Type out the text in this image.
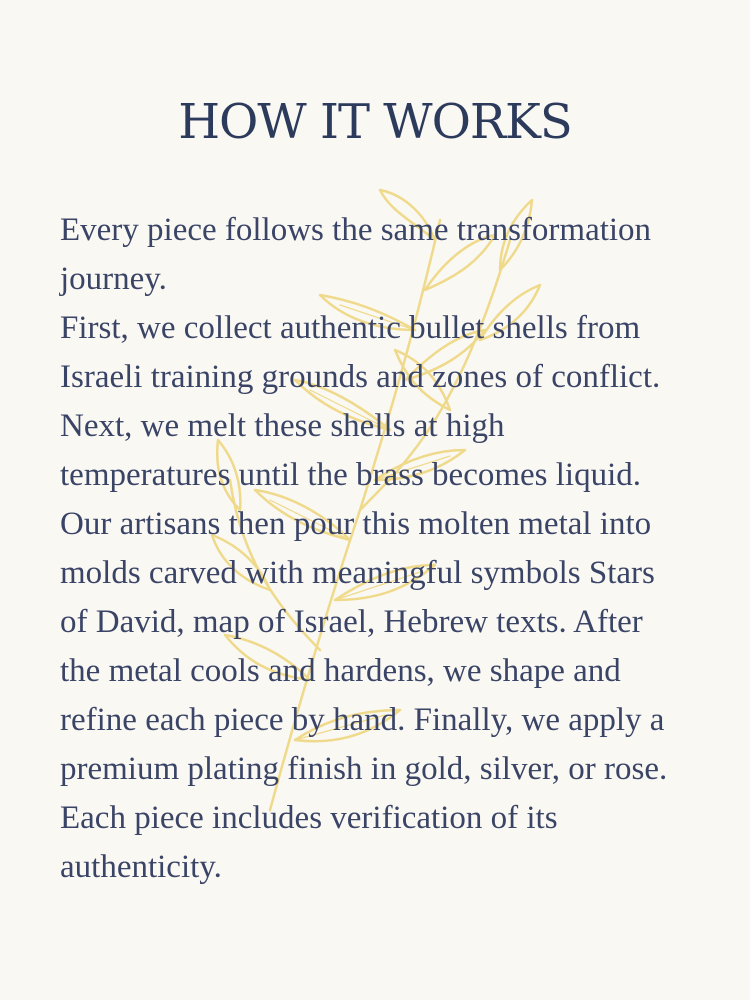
HOW IT WORKS

Every piece follows the same transformation
journey.
First, we collect authentic bullet shells from
Israeli training grounds and zones of conflict.
Next, we melt these shells at high
temperatures until the brass becomes liquid.
Our artisans then pour this molten metal into
molds carved with meaningful symbols Stars
of David, map of Israel, Hebrew texts. After
the metal cools and hardens, we shape and
refine each piece by hand. Finally, we apply a
premium plating finish in gold, silver, or rose.
Each piece includes verification of its
authenticity.
